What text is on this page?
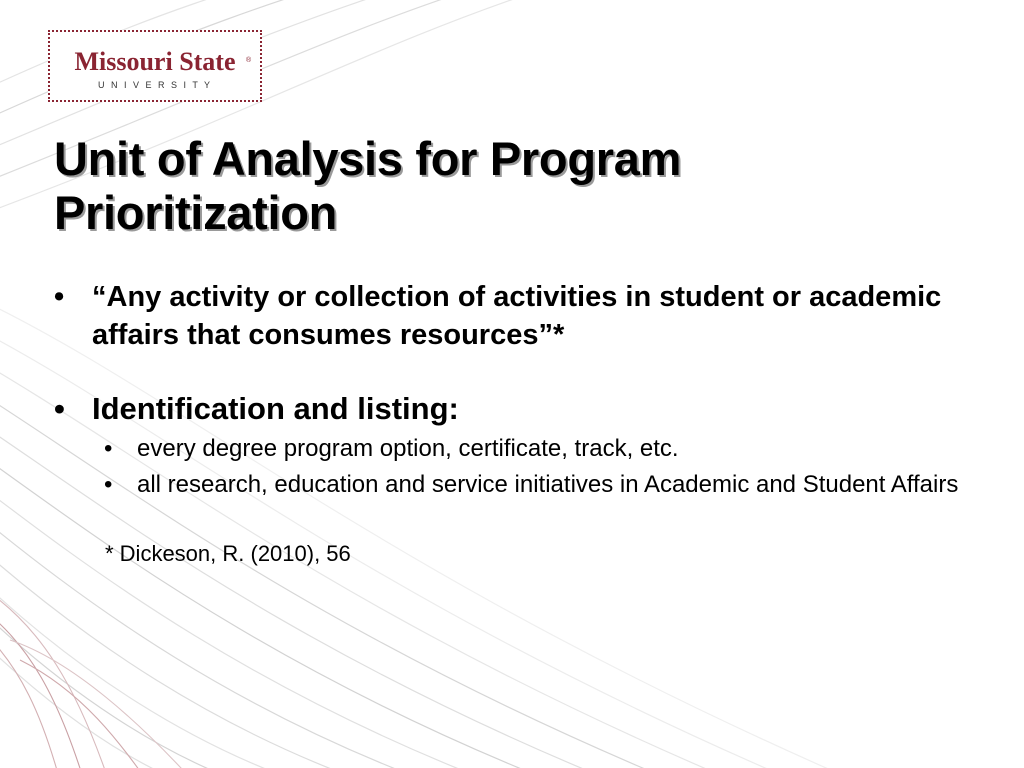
Missouri State ®
U N I V E R S I T Y
Unit of Analysis for Program
Prioritization
• “Any activity or collection of activities in student or academic affairs that consumes resources”*
• Identification and listing:
• every degree program option, certificate, track, etc.
• all research, education and service initiatives in Academic and Student Affairs
* Dickeson, R. (2010), 56
